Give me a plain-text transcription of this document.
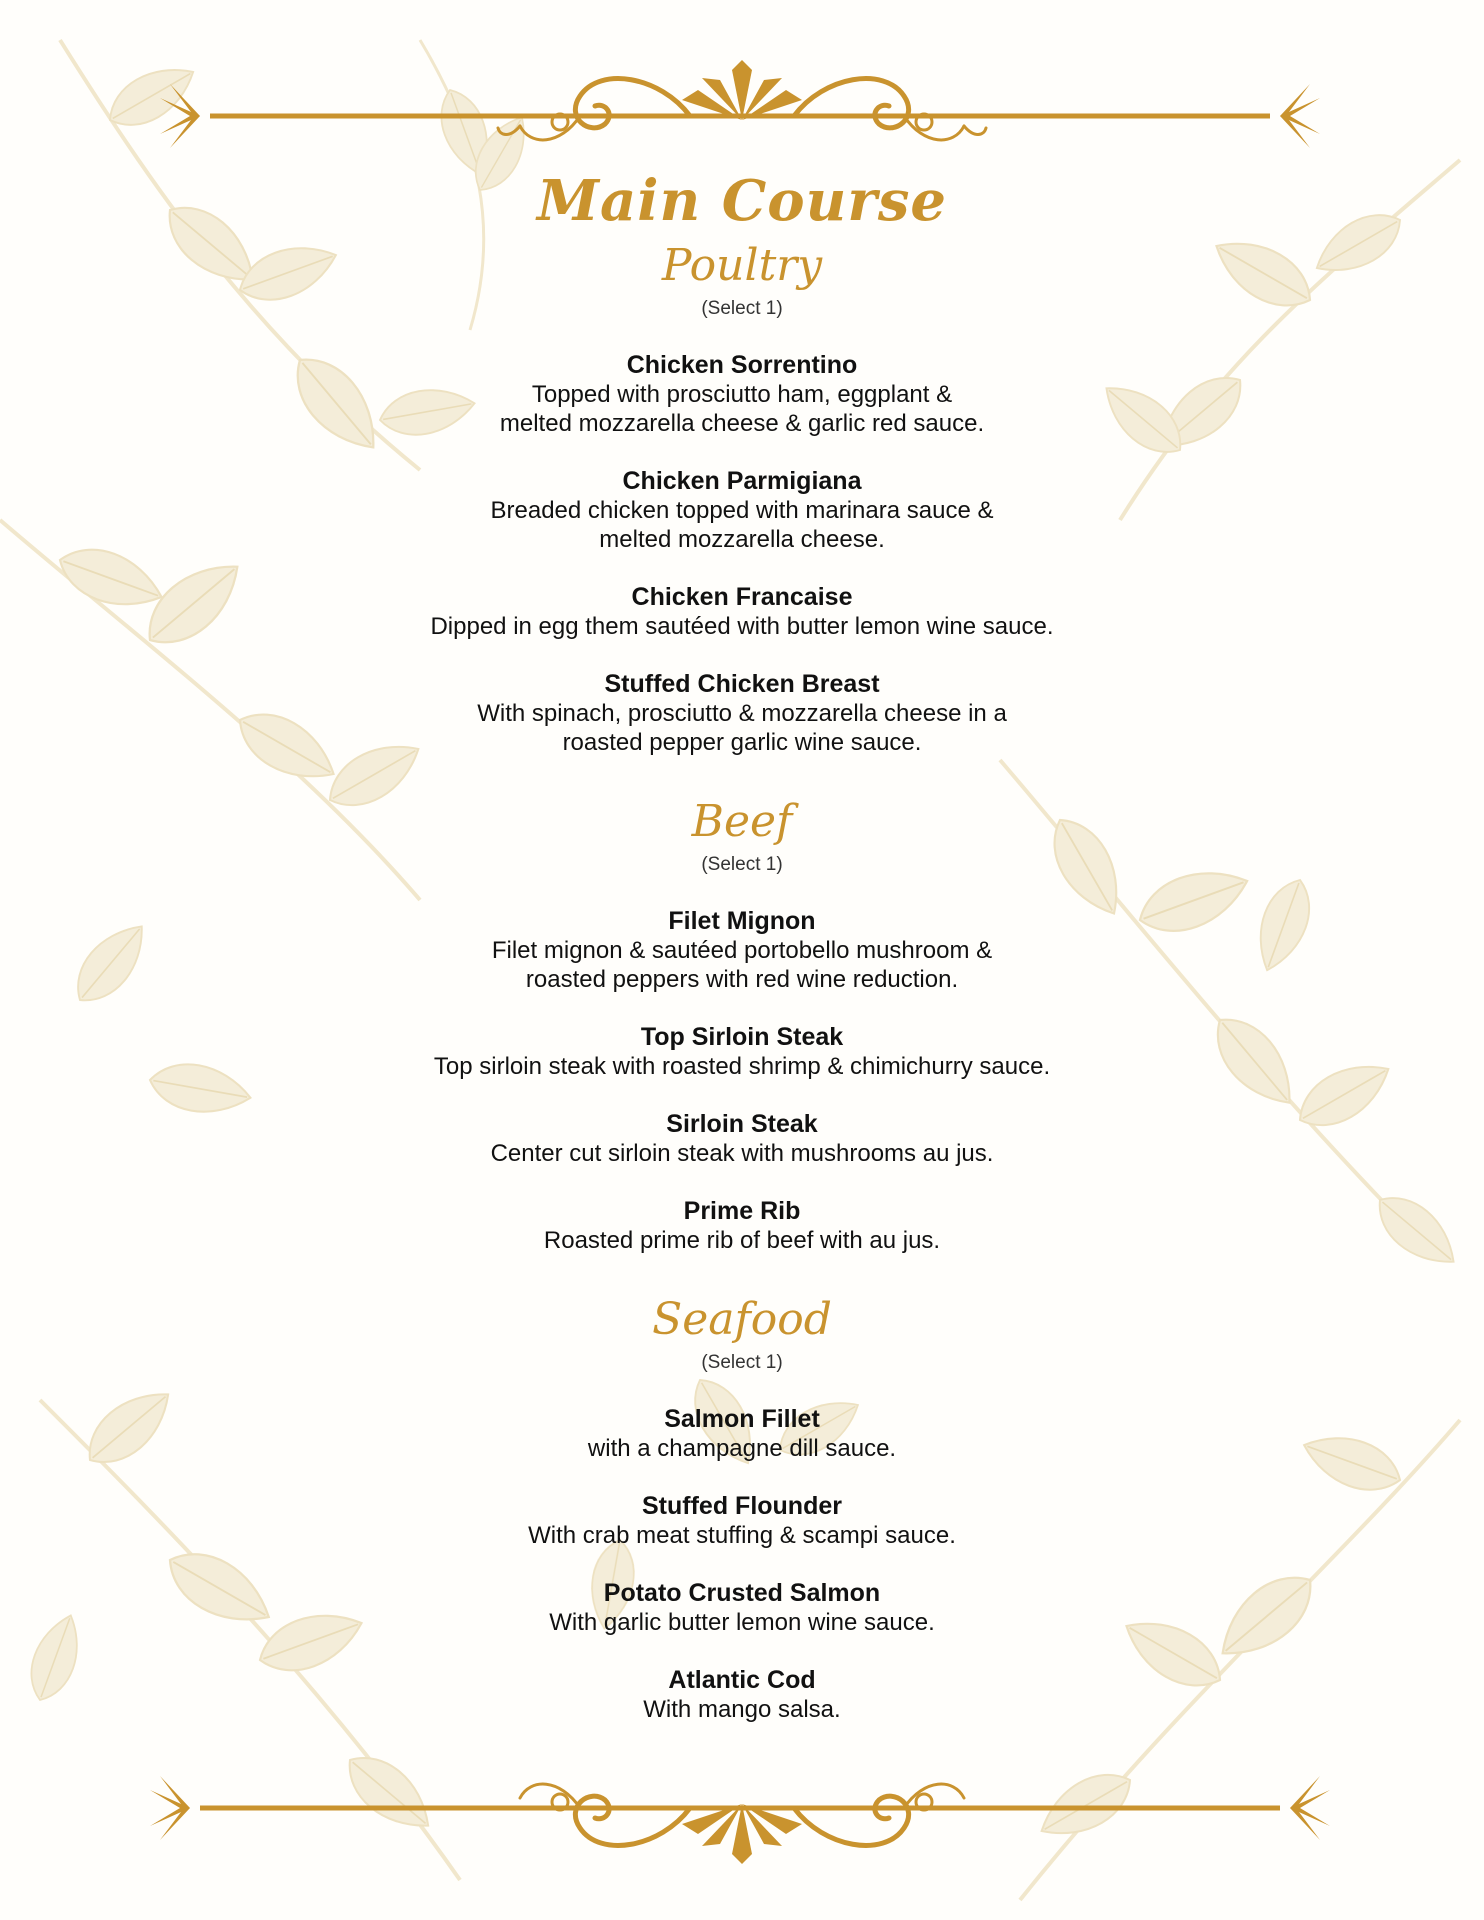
Main Course
Poultry
(Select 1)
Chicken Sorrentino
Topped with prosciutto ham, eggplant &
melted mozzarella cheese & garlic red sauce.
Chicken Parmigiana
Breaded chicken topped with marinara sauce &
melted mozzarella cheese.
Chicken Francaise
Dipped in egg them sautéed with butter lemon wine sauce.
Stuffed Chicken Breast
With spinach, prosciutto & mozzarella cheese in a
roasted pepper garlic wine sauce.
Beef
(Select 1)
Filet Mignon
Filet mignon & sautéed portobello mushroom &
roasted peppers with red wine reduction.
Top Sirloin Steak
Top sirloin steak with roasted shrimp & chimichurry sauce.
Sirloin Steak
Center cut sirloin steak with mushrooms au jus.
Prime Rib
Roasted prime rib of beef with au jus.
Seafood
(Select 1)
Salmon Fillet
with a champagne dill sauce.
Stuffed Flounder
With crab meat stuffing & scampi sauce.
Potato Crusted Salmon
With garlic butter lemon wine sauce.
Atlantic Cod
With mango salsa.
